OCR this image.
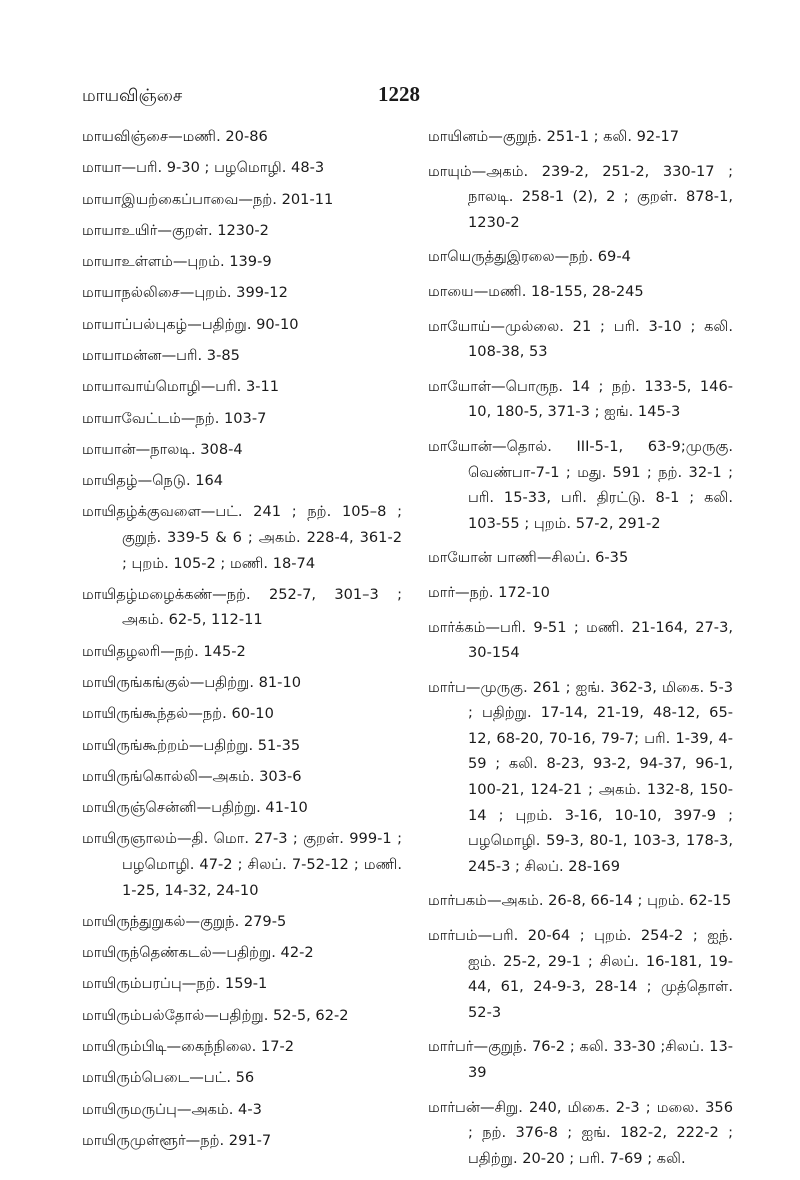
மாயவிஞ்சை	1228
மாயவிஞ்சை—மணி. 20-86
மாயா—பரி. 9-30 ; பழமொழி. 48-3
மாயாஇயற்கைப்பாவை—நற். 201-11
மாயாஉயிர்—குறள். 1230-2
மாயாஉள்ளம்—புறம். 139-9
மாயாநல்லிசை—புறம். 399-12
மாயாப்பல்புகழ்—பதிற்று. 90-10
மாயாமன்ன—பரி. 3-85
மாயாவாய்மொழி—பரி. 3-11
மாயாவேட்டம்—நற். 103-7
மாயான்—நாலடி. 308-4
மாயிதழ்—நெடு. 164
மாயிதழ்க்குவளை—பட். 241 ; நற். 105–8 ; குறுந். 339-5 & 6 ; அகம். 228-4, 361-2 ; புறம். 105-2 ; மணி. 18-74
மாயிதழ்மழைக்கண்—நற். 252-7, 301–3 ; அகம். 62-5, 112-11
மாயிதழலரி—நற். 145-2
மாயிருங்கங்குல்—பதிற்று. 81-10
மாயிருங்கூந்தல்—நற். 60-10
மாயிருங்கூற்றம்—பதிற்று. 51-35
மாயிருங்கொல்லி—அகம். 303-6
மாயிருஞ்சென்னி—பதிற்று. 41-10
மாயிருஞாலம்—தி. மொ. 27-3 ; குறள். 999-1 ; பழமொழி. 47-2 ; சிலப். 7-52-12 ; மணி. 1-25, 14-32, 24-10
மாயிருந்துறுகல்—குறுந். 279-5
மாயிருந்தெண்கடல்—பதிற்று. 42-2
மாயிரும்பரப்பு—நற். 159-1
மாயிரும்பல்தோல்—பதிற்று. 52-5, 62-2
மாயிரும்பிடி—கைந்நிலை. 17-2
மாயிரும்பெடை—பட். 56
மாயிருமருப்பு—அகம். 4-3
மாயிருமுள்ளூர்—நற். 291-7
மாயினம்—குறுந். 251-1 ; கலி. 92-17
மாயும்—அகம். 239-2, 251-2, 330-17 ; நாலடி. 258-1 (2), 2 ; குறள். 878-1, 1230-2
மாயெருத்துஇரலை—நற். 69-4
மாயை—மணி. 18-155, 28-245
மாயோய்—முல்லை. 21 ; பரி. 3-10 ; கலி. 108-38, 53
மாயோள்—பொருந. 14 ; நற். 133-5, 146-10, 180-5, 371-3 ; ஐங். 145-3
மாயோன்—தொல். III-5-1, 63-9;முருகு. வெண்பா-7-1 ; மது. 591 ; நற். 32-1 ; பரி. 15-33, பரி. திரட்டு. 8-1 ; கலி. 103-55 ; புறம். 57-2, 291-2
மாயோன் பாணி—சிலப். 6-35
மார்—நற். 172-10
மார்க்கம்—பரி. 9-51 ; மணி. 21-164, 27-3, 30-154
மார்ப—முருகு. 261 ; ஐங். 362-3, மிகை. 5-3 ; பதிற்று. 17-14, 21-19, 48-12, 65-12, 68-20, 70-16, 79-7; பரி. 1-39, 4-59 ; கலி. 8-23, 93-2, 94-37, 96-1, 100-21, 124-21 ; அகம். 132-8, 150-14 ; புறம். 3-16, 10-10, 397-9 ; பழமொழி. 59-3, 80-1, 103-3, 178-3, 245-3 ; சிலப். 28-169
மார்பகம்—அகம். 26-8, 66-14 ; புறம். 62-15
மார்பம்—பரி. 20-64 ; புறம். 254-2 ; ஐந். ஐம். 25-2, 29-1 ; சிலப். 16-181, 19-44, 61, 24-9-3, 28-14 ; முத்தொள். 52-3
மார்பர்—குறுந். 76-2 ; கலி. 33-30 ;சிலப். 13-39
மார்பன்—சிறு. 240, மிகை. 2-3 ; மலை. 356 ; நற். 376-8 ; ஐங். 182-2, 222-2 ; பதிற்று. 20-20 ; பரி. 7-69 ; கலி.
